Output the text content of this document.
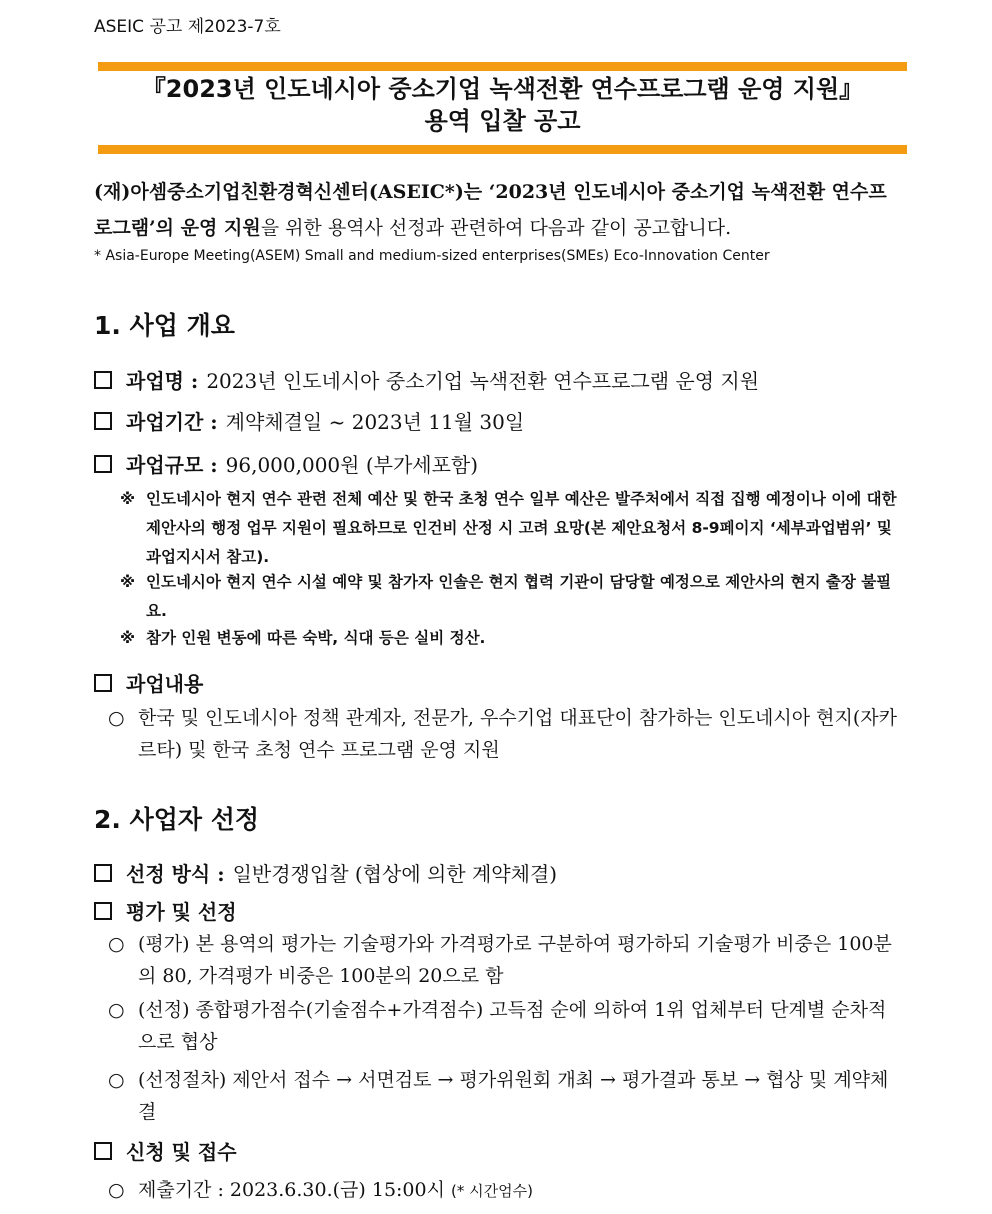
ASEIC 공고 제2023-7호
『2023년 인도네시아 중소기업 녹색전환 연수프로그램 운영 지원』
용역 입찰 공고
(재)아셈중소기업친환경혁신센터(ASEIC*)는 ‘2023년 인도네시아 중소기업 녹색전환 연수프로그램’의 운영 지원을 위한 용역사 선정과 관련하여 다음과 같이 공고합니다.
* Asia-Europe Meeting(ASEM) Small and medium-sized enterprises(SMEs) Eco-Innovation Center
1. 사업 개요
과업명 : 2023년 인도네시아 중소기업 녹색전환 연수프로그램 운영 지원
과업기간 : 계약체결일 ~ 2023년 11월 30일
과업규모 : 96,000,000원 (부가세포함)
※ 인도네시아 현지 연수 관련 전체 예산 및 한국 초청 연수 일부 예산은 발주처에서 직접 집행 예정이나 이에 대한 제안사의 행정 업무 지원이 필요하므로 인건비 산정 시 고려 요망(본 제안요청서 8-9페이지 ‘세부과업범위’ 및 과업지시서 참고).
※ 인도네시아 현지 연수 시설 예약 및 참가자 인솔은 현지 협력 기관이 담당할 예정으로 제안사의 현지 출장 불필요.
※ 참가 인원 변동에 따른 숙박, 식대 등은 실비 정산.
과업내용
○ 한국 및 인도네시아 정책 관계자, 전문가, 우수기업 대표단이 참가하는 인도네시아 현지(자카르타) 및 한국 초청 연수 프로그램 운영 지원
2. 사업자 선정
선정 방식 : 일반경쟁입찰 (협상에 의한 계약체결)
평가 및 선정
○ (평가) 본 용역의 평가는 기술평가와 가격평가로 구분하여 평가하되 기술평가 비중은 100분의 80, 가격평가 비중은 100분의 20으로 함
○ (선정) 종합평가점수(기술점수+가격점수) 고득점 순에 의하여 1위 업체부터 단계별 순차적으로 협상
○ (선정절차) 제안서 접수 → 서면검토 → 평가위원회 개최 → 평가결과 통보 → 협상 및 계약체결
신청 및 접수
○ 제출기간 : 2023.6.30.(금) 15:00시 (* 시간엄수)
